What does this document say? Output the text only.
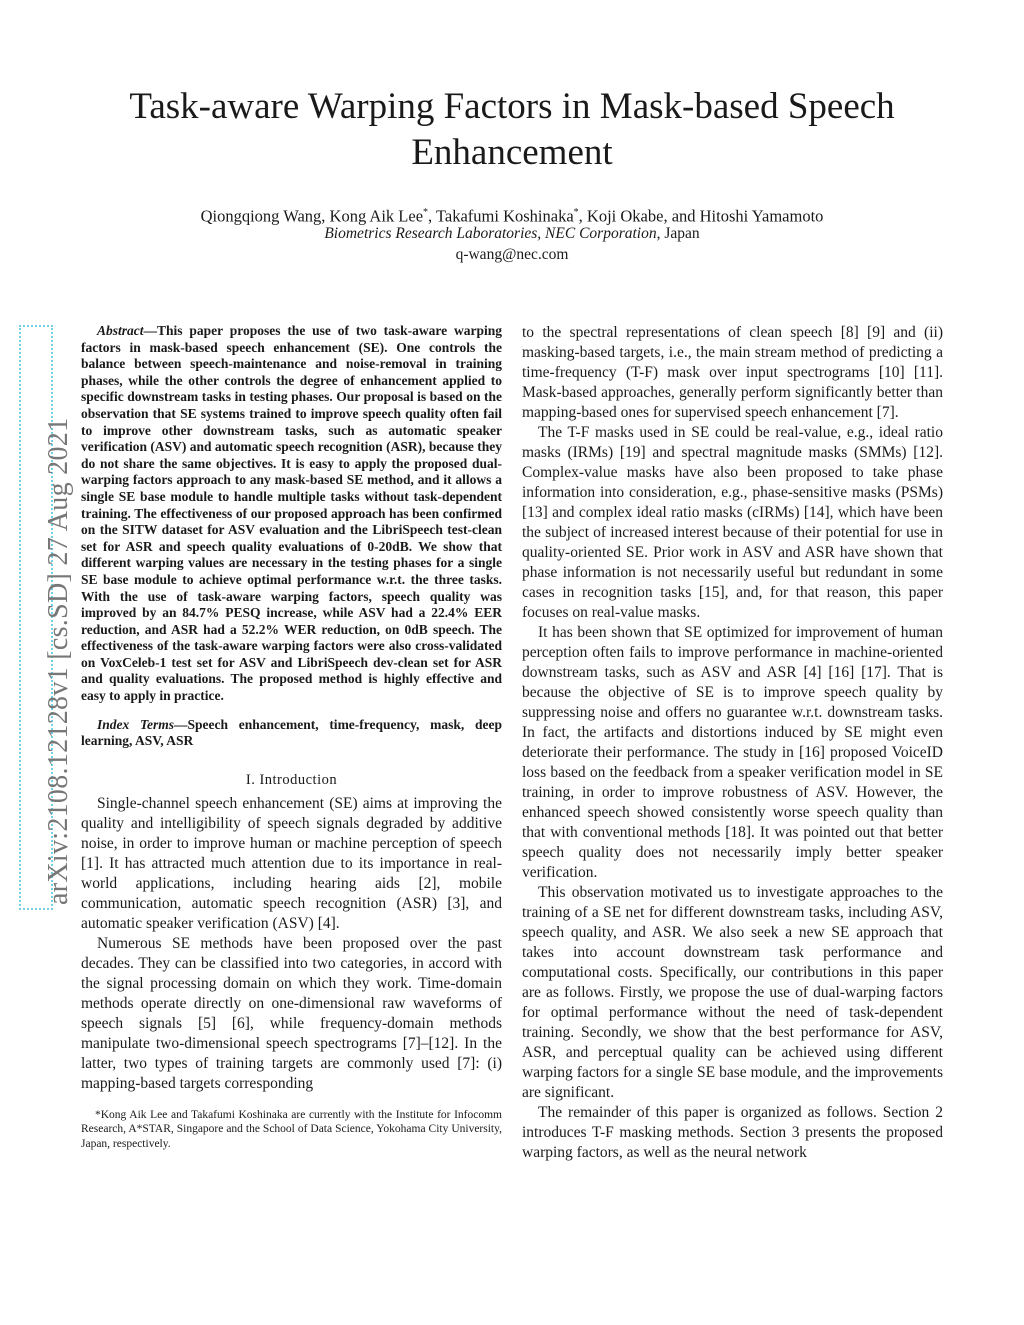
Task-aware Warping Factors in Mask-based Speech Enhancement
Qiongqiong Wang, Kong Aik Lee*, Takafumi Koshinaka*, Koji Okabe, and Hitoshi Yamamoto
Biometrics Research Laboratories, NEC Corporation, Japan
q-wang@nec.com
arXiv:2108.12128v1 [cs.SD] 27 Aug 2021

Abstract—This paper proposes the use of two task-aware warping factors in mask-based speech enhancement (SE). One controls the balance between speech-maintenance and noise-removal in training phases, while the other controls the degree of enhancement applied to specific downstream tasks in testing phases. Our proposal is based on the observation that SE systems trained to improve speech quality often fail to improve other downstream tasks, such as automatic speaker verification (ASV) and automatic speech recognition (ASR), because they do not share the same objectives. It is easy to apply the proposed dual-warping factors approach to any mask-based SE method, and it allows a single SE base module to handle multiple tasks without task-dependent training. The effectiveness of our proposed approach has been confirmed on the SITW dataset for ASV evaluation and the LibriSpeech test-clean set for ASR and speech quality evaluations of 0-20dB. We show that different warping values are necessary in the testing phases for a single SE base module to achieve optimal performance w.r.t. the three tasks. With the use of task-aware warping factors, speech quality was improved by an 84.7% PESQ increase, while ASV had a 22.4% EER reduction, and ASR had a 52.2% WER reduction, on 0dB speech. The effectiveness of the task-aware warping factors were also cross-validated on VoxCeleb-1 test set for ASV and LibriSpeech dev-clean set for ASR and quality evaluations. The proposed method is highly effective and easy to apply in practice.

Index Terms—Speech enhancement, time-frequency, mask, deep learning, ASV, ASR

I. Introduction

Single-channel speech enhancement (SE) aims at improving the quality and intelligibility of speech signals degraded by additive noise, in order to improve human or machine perception of speech [1]. It has attracted much attention due to its importance in real-world applications, including hearing aids [2], mobile communication, automatic speech recognition (ASR) [3], and automatic speaker verification (ASV) [4].

Numerous SE methods have been proposed over the past decades. They can be classified into two categories, in accord with the signal processing domain on which they work. Time-domain methods operate directly on one-dimensional raw waveforms of speech signals [5] [6], while frequency-domain methods manipulate two-dimensional speech spectrograms [7]–[12]. In the latter, two types of training targets are commonly used [7]: (i) mapping-based targets corresponding

*Kong Aik Lee and Takafumi Koshinaka are currently with the Institute for Infocomm Research, A*STAR, Singapore and the School of Data Science, Yokohama City University, Japan, respectively.

to the spectral representations of clean speech [8] [9] and (ii) masking-based targets, i.e., the main stream method of predicting a time-frequency (T-F) mask over input spectrograms [10] [11]. Mask-based approaches, generally perform significantly better than mapping-based ones for supervised speech enhancement [7].

The T-F masks used in SE could be real-value, e.g., ideal ratio masks (IRMs) [19] and spectral magnitude masks (SMMs) [12]. Complex-value masks have also been proposed to take phase information into consideration, e.g., phase-sensitive masks (PSMs) [13] and complex ideal ratio masks (cIRMs) [14], which have been the subject of increased interest because of their potential for use in quality-oriented SE. Prior work in ASV and ASR have shown that phase information is not necessarily useful but redundant in some cases in recognition tasks [15], and, for that reason, this paper focuses on real-value masks.

It has been shown that SE optimized for improvement of human perception often fails to improve performance in machine-oriented downstream tasks, such as ASV and ASR [4] [16] [17]. That is because the objective of SE is to improve speech quality by suppressing noise and offers no guarantee w.r.t. downstream tasks. In fact, the artifacts and distortions induced by SE might even deteriorate their performance. The study in [16] proposed VoiceID loss based on the feedback from a speaker verification model in SE training, in order to improve robustness of ASV. However, the enhanced speech showed consistently worse speech quality than that with conventional methods [18]. It was pointed out that better speech quality does not necessarily imply better speaker verification.

This observation motivated us to investigate approaches to the training of a SE net for different downstream tasks, including ASV, speech quality, and ASR. We also seek a new SE approach that takes into account downstream task performance and computational costs. Specifically, our contributions in this paper are as follows. Firstly, we propose the use of dual-warping factors for optimal performance without the need of task-dependent training. Secondly, we show that the best performance for ASV, ASR, and perceptual quality can be achieved using different warping factors for a single SE base module, and the improvements are significant.

The remainder of this paper is organized as follows. Section 2 introduces T-F masking methods. Section 3 presents the proposed warping factors, as well as the neural network
